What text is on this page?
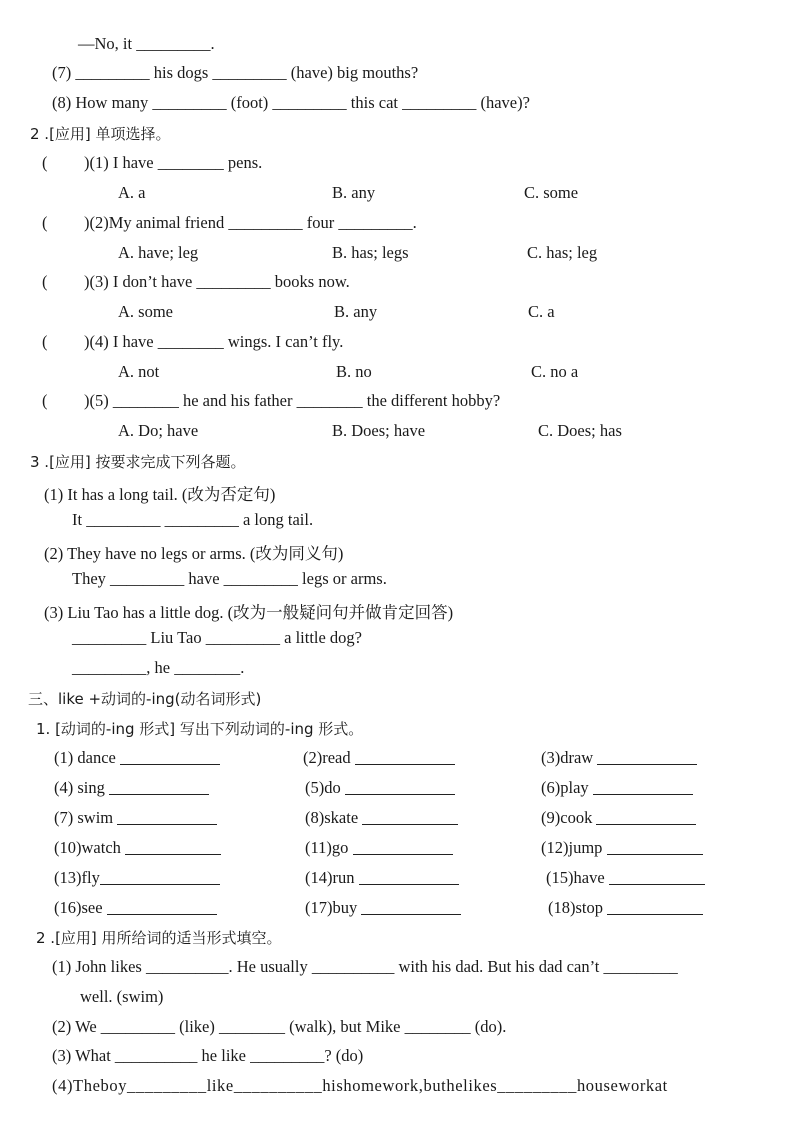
—No, it _________.
(7) _________ his dogs _________ (have) big mouths?
(8) How many _________ (foot) _________ this cat _________ (have)?
2 .[应用] 单项选择。
( )(1) I have ________ pens.
A. a	B. any	C. some
( )(2)My animal friend _________ four _________.
A. have; leg	B. has; legs	C. has; leg
( )(3) I don’t have _________ books now.
A. some	B. any	C. a
( )(4) I have ________ wings. I can’t fly.
A. not	B. no	C. no a
( )(5) ________ he and his father ________ the different hobby?
A. Do; have	B. Does; have	C. Does; has
3 .[应用] 按要求完成下列各题。
(1) It has a long tail. (改为否定句)
It _________ _________ a long tail.
(2) They have no legs or arms. (改为同义句)
They _________ have _________ legs or arms.
(3) Liu Tao has a little dog. (改为一般疑问句并做肯定回答)
_________ Liu Tao _________ a little dog?
_________, he ________.
三、like +动词的-ing(动名词形式)
1. [动词的-ing 形式] 写出下列动词的-ing 形式。
(1) dance	(2)read	(3)draw
(4) sing	(5)do	(6)play
(7) swim	(8)skate	(9)cook
(10)watch	(11)go	(12)jump
(13)fly	(14)run	(15)have
(16)see	(17)buy	(18)stop
2 .[应用] 用所给词的适当形式填空。
(1) John likes __________. He usually __________ with his dad. But his dad can’t _________
well. (swim)
(2) We _________ (like) ________ (walk), but Mike ________ (do).
(3) What __________ he like _________? (do)
(4)Theboy_________like__________hishomework,buthelikes_________houseworkat
